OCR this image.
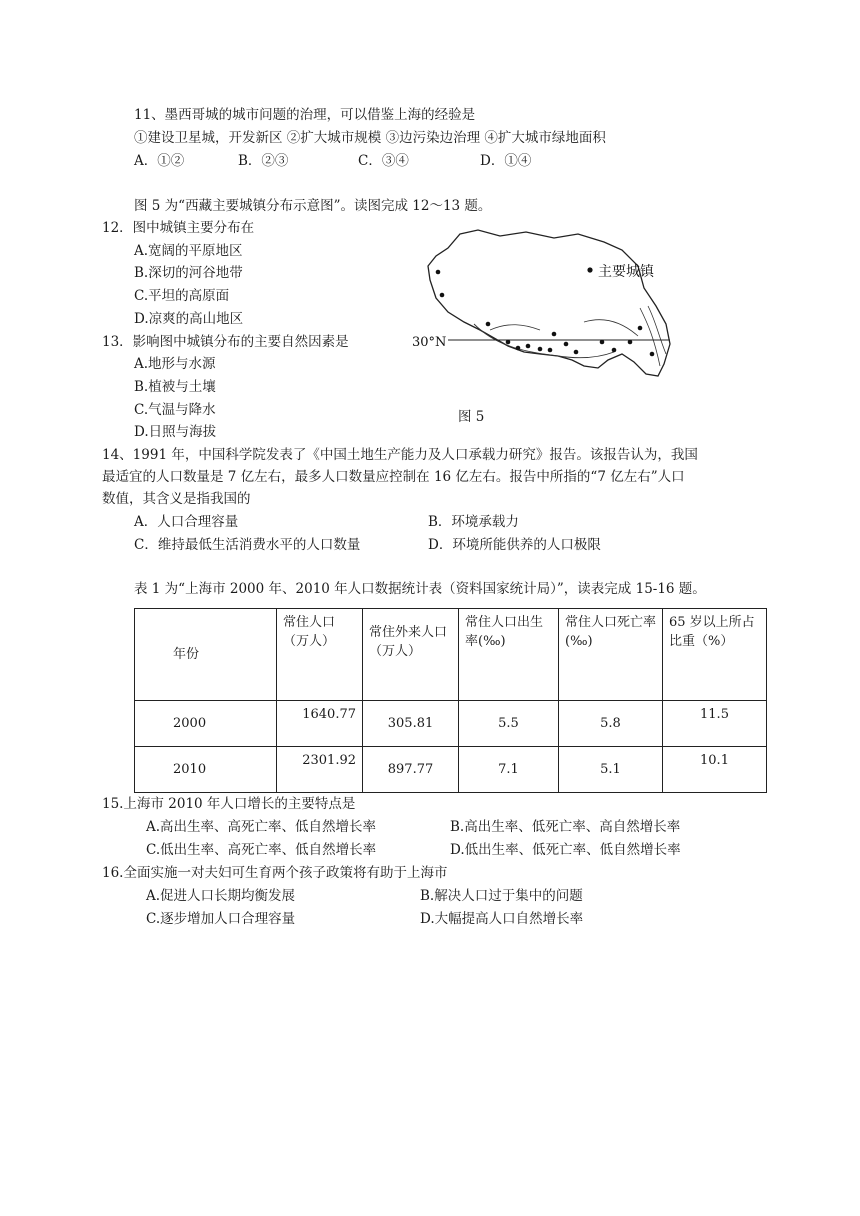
11、墨西哥城的城市问题的治理，可以借鉴上海的经验是
①建设卫星城，开发新区 ②扩大城市规模 ③边污染边治理 ④扩大城市绿地面积
A．①②	B．②③	C．③④	D．①④
图 5 为“西藏主要城镇分布示意图”。读图完成 12～13 题。
12．图中城镇主要分布在
A.宽阔的平原地区
B.深切的河谷地带
C.平坦的高原面
D.凉爽的高山地区
13．影响图中城镇分布的主要自然因素是
A.地形与水源
B.植被与土壤
C.气温与降水
D.日照与海拔
主要城镇
30°N
图 5
14、1991 年，中国科学院发表了《中国土地生产能力及人口承载力研究》报告。该报告认为，我国
最适宜的人口数量是 7 亿左右，最多人口数量应控制在 16 亿左右。报告中所指的“7 亿左右”人口
数值，其含义是指我国的
A．人口合理容量	B．环境承载力
C．维持最低生活消费水平的人口数量	D．环境所能供养的人口极限
表 1 为“上海市 2000 年、2010 年人口数据统计表（资料国家统计局）”，读表完成 15-16 题。
年份	常住人口（万人）	常住外来人口（万人）	常住人口出生率(‰)	常住人口死亡率(‰)	65 岁以上所占比重（%）
2000	1640.77	305.81	5.5	5.8	11.5
2010	2301.92	897.77	7.1	5.1	10.1
15.上海市 2010 年人口增长的主要特点是
A.高出生率、高死亡率、低自然增长率	B.高出生率、低死亡率、高自然增长率
C.低出生率、高死亡率、低自然增长率	D.低出生率、低死亡率、低自然增长率
16.全面实施一对夫妇可生育两个孩子政策将有助于上海市
A.促进人口长期均衡发展	B.解决人口过于集中的问题
C.逐步增加人口合理容量	D.大幅提高人口自然增长率
